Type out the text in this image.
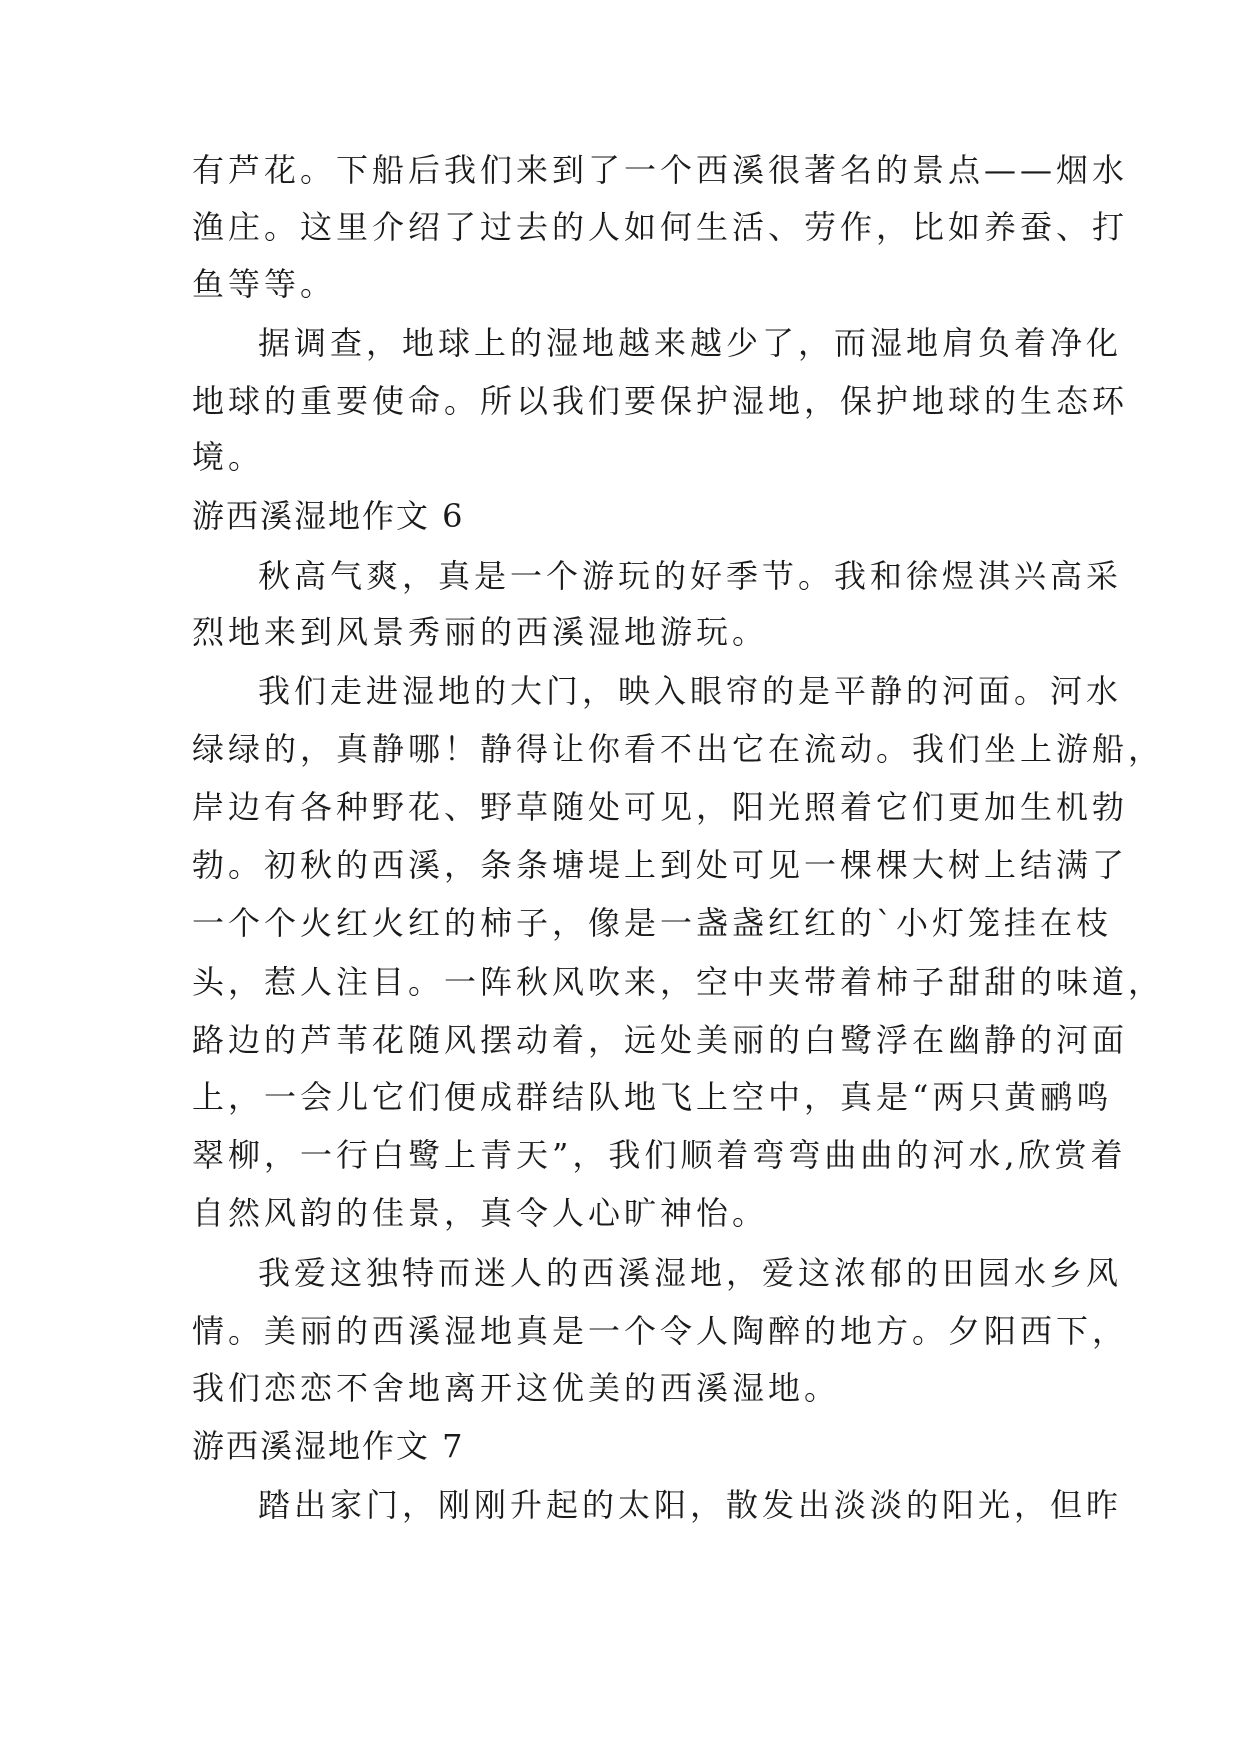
有芦花。下船后我们来到了一个西溪很著名的景点——烟水
渔庄。这里介绍了过去的人如何生活、劳作，比如养蚕、打
鱼等等。
据调查，地球上的湿地越来越少了，而湿地肩负着净化
地球的重要使命。所以我们要保护湿地，保护地球的生态环
境。
游西溪湿地作文 6
秋高气爽，真是一个游玩的好季节。我和徐煜淇兴高采
烈地来到风景秀丽的西溪湿地游玩。
我们走进湿地的大门，映入眼帘的是平静的河面。河水
绿绿的，真静哪！静得让你看不出它在流动。我们坐上游船，
岸边有各种野花、野草随处可见，阳光照着它们更加生机勃
勃。初秋的西溪，条条塘堤上到处可见一棵棵大树上结满了
一个个火红火红的柿子，像是一盏盏红红的`小灯笼挂在枝
头，惹人注目。一阵秋风吹来，空中夹带着柿子甜甜的味道，
路边的芦苇花随风摆动着，远处美丽的白鹭浮在幽静的河面
上，一会儿它们便成群结队地飞上空中，真是“两只黄鹂鸣
翠柳，一行白鹭上青天”，我们顺着弯弯曲曲的河水,欣赏着
自然风韵的佳景，真令人心旷神怡。
我爱这独特而迷人的西溪湿地，爱这浓郁的田园水乡风
情。美丽的西溪湿地真是一个令人陶醉的地方。夕阳西下，
我们恋恋不舍地离开这优美的西溪湿地。
游西溪湿地作文 7
踏出家门，刚刚升起的太阳，散发出淡淡的阳光，但昨
